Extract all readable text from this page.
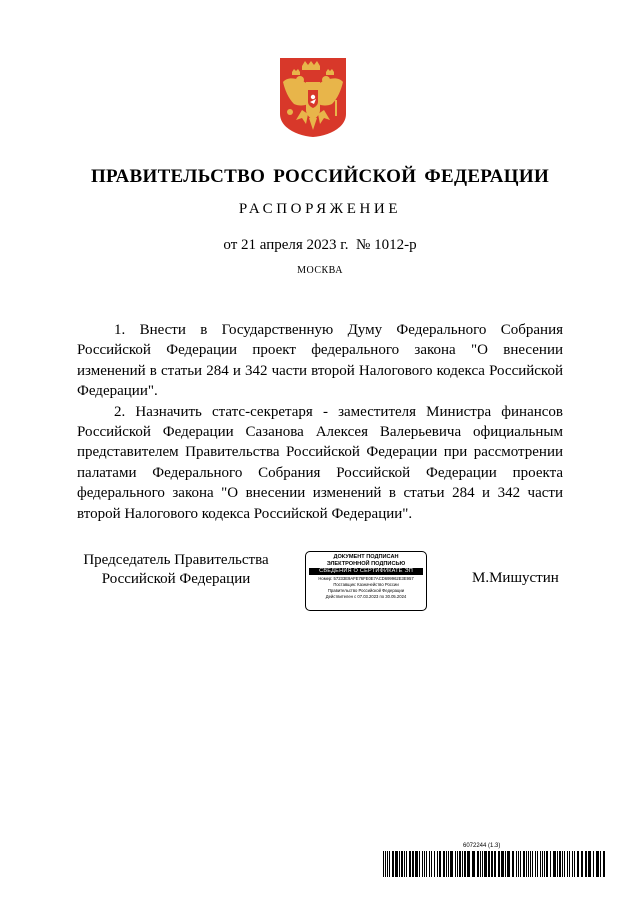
ПРАВИТЕЛЬСТВО РОССИЙСКОЙ ФЕДЕРАЦИИ
РАСПОРЯЖЕНИЕ
от 21 апреля 2023 г. № 1012-р
МОСКВА

1. Внести в Государственную Думу Федерального Собрания Российской Федерации проект федерального закона "О внесении изменений в статьи 284 и 342 части второй Налогового кодекса Российской Федерации".

2. Назначить статс-секретаря - заместителя Министра финансов Российской Федерации Сазанова Алексея Валерьевича официальным представителем Правительства Российской Федерации при рассмотрении палатами Федерального Собрания Российской Федерации проекта федерального закона "О внесении изменений в статьи 284 и 342 части второй Налогового кодекса Российской Федерации".

Председатель Правительства
Российской Федерации
ДОКУМЕНТ ПОДПИСАН
ЭЛЕКТРОННОЙ ПОДПИСЬЮ
СВЕДЕНИЯ О СЕРТИФИКАТЕ ЭП
Номер: 57233E9AFE76FE0E7ACD699962E3E957
Поставщик: Казначейство России
Правительство Российской Федерации
Действителен с 07.03.2023 по 30.05.2024
М.Мишустин
6072244 (1.3)
